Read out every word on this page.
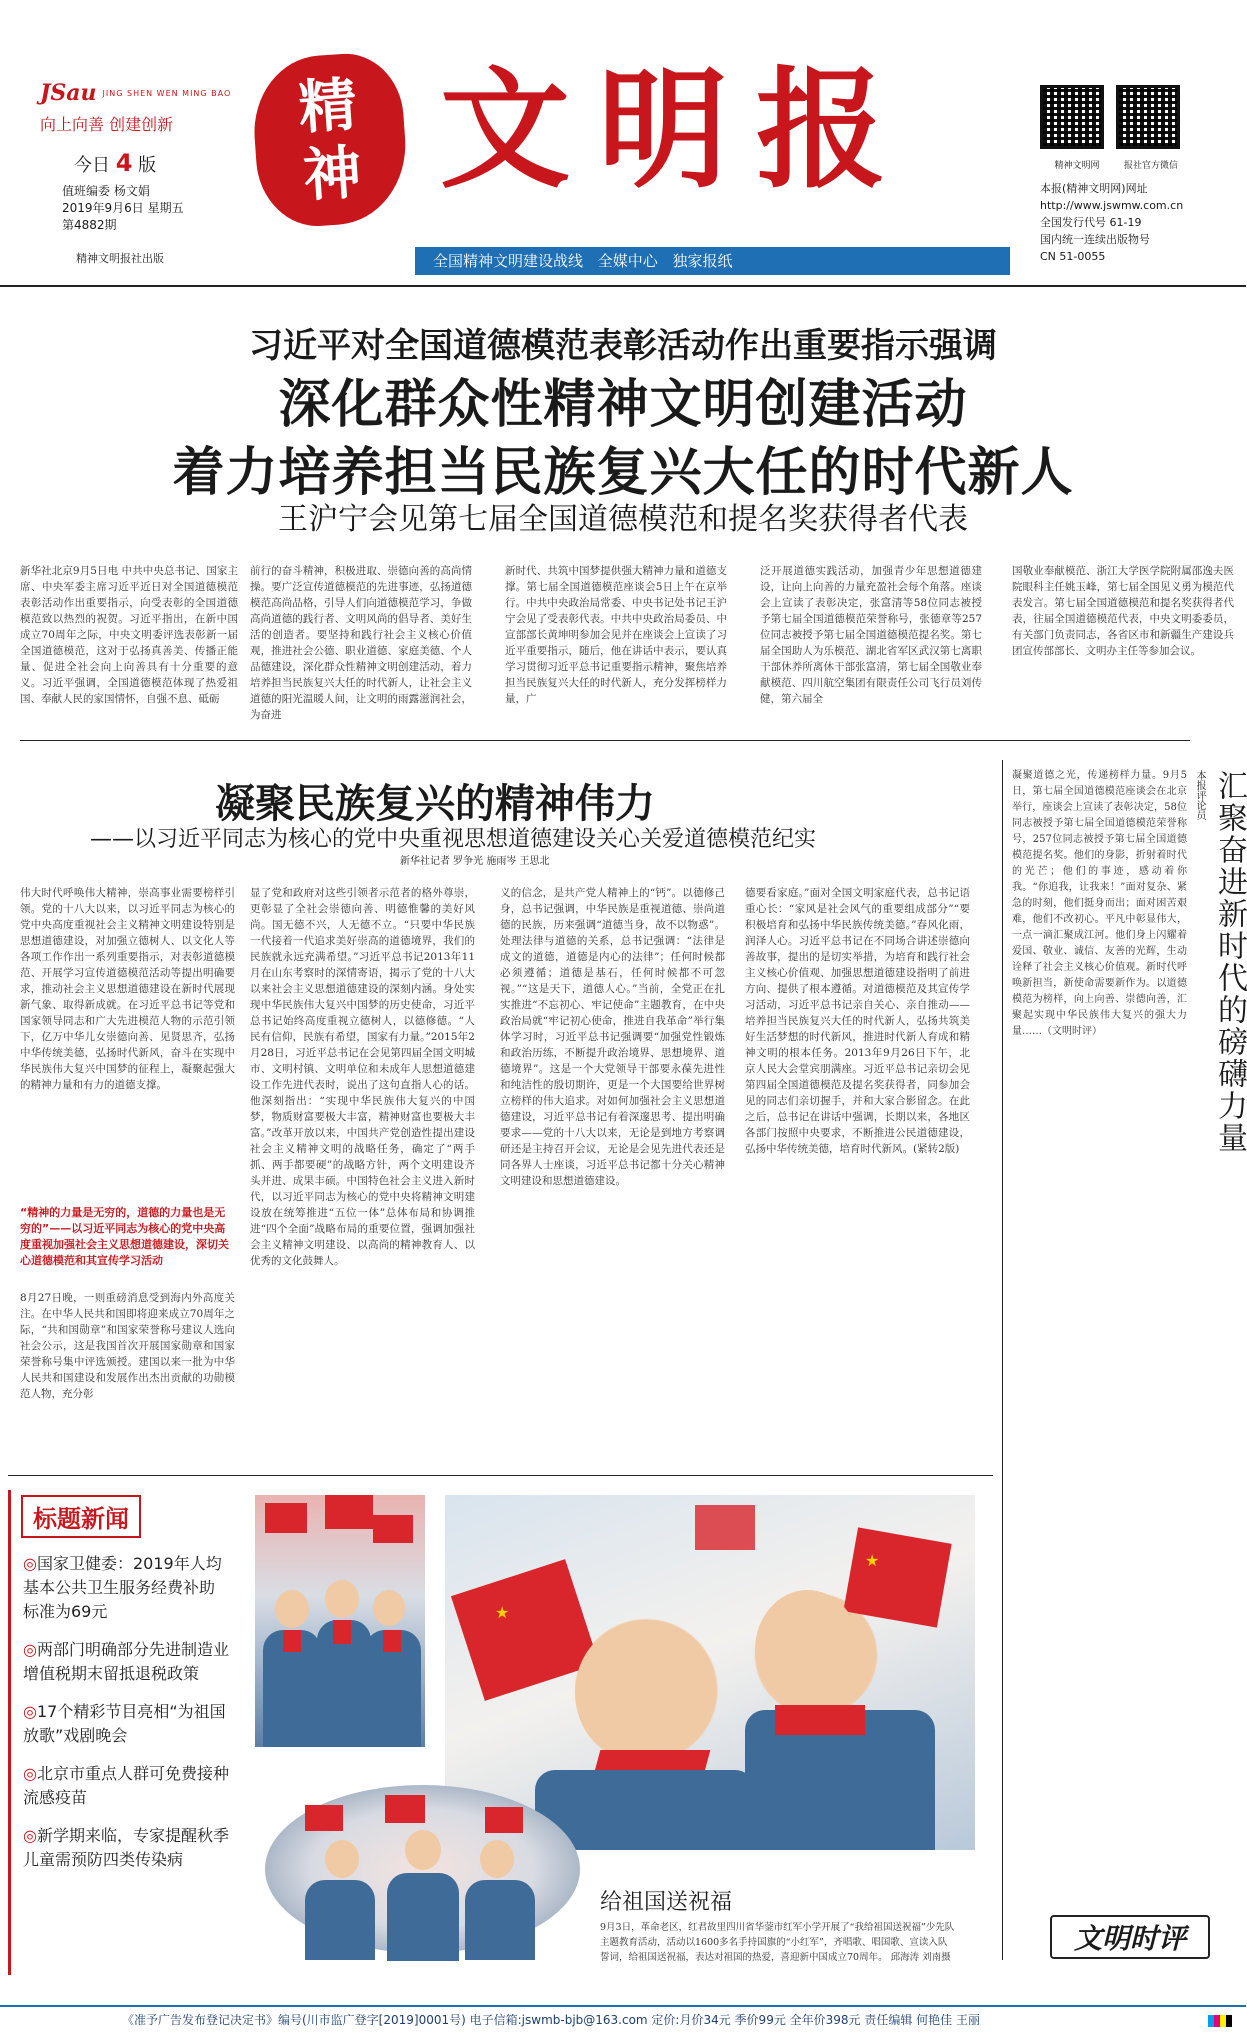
JSau JING SHEN WEN MING BAO
向上向善 创建创新
今日 4 版
值班编委 杨文娟
2019年9月6日 星期五
第4882期
精神文明报社出版
精
神 文明报
全国精神文明建设战线 全媒中心 独家报纸
精神文明网	报社官方微信
本报(精神文明网)网址
http://www.jswmw.com.cn
全国发行代号 61-19
国内统一连续出版物号
CN 51-0055
习近平对全国道德模范表彰活动作出重要指示强调
深化群众性精神文明创建活动
着力培养担当民族复兴大任的时代新人
王沪宁会见第七届全国道德模范和提名奖获得者代表
新华社北京9月5日电 中共中央总书记、国家主席、中央军委主席习近平近日对全国道德模范表彰活动作出重要指示，向受表彰的全国道德模范致以热烈的祝贺。习近平指出，在新中国成立70周年之际，中央文明委评选表彰新一届全国道德模范，这对于弘扬真善美、传播正能量、促进全社会向上向善具有十分重要的意义。习近平强调，全国道德模范体现了热爱祖国、奉献人民的家国情怀，自强不息、砥砺
前行的奋斗精神，积极进取、崇德向善的高尚情操。要广泛宣传道德模范的先进事迹，弘扬道德模范高尚品格，引导人们向道德模范学习，争做高尚道德的践行者、文明风尚的倡导者、美好生活的创造者。要坚持和践行社会主义核心价值观，推进社会公德、职业道德、家庭美德、个人品德建设，深化群众性精神文明创建活动，着力培养担当民族复兴大任的时代新人，让社会主义道德的阳光温暖人间，让文明的雨露滋润社会，为奋进
新时代、共筑中国梦提供强大精神力量和道德支撑。第七届全国道德模范座谈会5日上午在京举行。中共中央政治局常委、中央书记处书记王沪宁会见了受表彰代表。中共中央政治局委员、中宣部部长黄坤明参加会见并在座谈会上宣读了习近平重要指示，随后，他在讲话中表示，要认真学习贯彻习近平总书记重要指示精神，聚焦培养担当民族复兴大任的时代新人，充分发挥榜样力量，广
泛开展道德实践活动，加强青少年思想道德建设，让向上向善的力量充盈社会每个角落。座谈会上宣读了表彰决定，张富清等58位同志被授予第七届全国道德模范荣誉称号，张德章等257位同志被授予第七届全国道德模范提名奖。第七届全国助人为乐模范、湖北省军区武汉第七离职干部休养所离休干部张富清，第七届全国敬业奉献模范、四川航空集团有限责任公司飞行员刘传健，第六届全
国敬业奉献模范、浙江大学医学院附属邵逸夫医院眼科主任姚玉峰，第七届全国见义勇为模范代表发言。第七届全国道德模范和提名奖获得者代表，往届全国道德模范代表，中央文明委委员，有关部门负责同志，各省区市和新疆生产建设兵团宣传部部长、文明办主任等参加会议。
凝聚民族复兴的精神伟力
——以习近平同志为核心的党中央重视思想道德建设关心关爱道德模范纪实
新华社记者 罗争光 施雨岑 王思北
伟大时代呼唤伟大精神，崇高事业需要榜样引领。党的十八大以来，以习近平同志为核心的党中央高度重视社会主义精神文明建设特别是思想道德建设，对加强立德树人、以文化人等各项工作作出一系列重要指示，对表彰道德模范、开展学习宣传道德模范活动等提出明确要求，推动社会主义思想道德建设在新时代展现新气象、取得新成就。在习近平总书记等党和国家领导同志和广大先进模范人物的示范引领下，亿万中华儿女崇德向善、见贤思齐，弘扬中华传统美德，弘扬时代新风，奋斗在实现中华民族伟大复兴中国梦的征程上，凝聚起强大的精神力量和有力的道德支撑。
“精神的力量是无穷的，道德的力量也是无穷的”——以习近平同志为核心的党中央高度重视加强社会主义思想道德建设，深切关心道德模范和其宣传学习活动
8月27日晚，一则重磅消息受到海内外高度关注。在中华人民共和国即将迎来成立70周年之际，“共和国勋章”和国家荣誉称号建议人选向社会公示，这是我国首次开展国家勋章和国家荣誉称号集中评选颁授。建国以来一批为中华人民共和国建设和发展作出杰出贡献的功勋模范人物，充分彰
显了党和政府对这些引领者示范者的格外尊崇，更彰显了全社会崇德向善、明德惟馨的美好风尚。国无德不兴，人无德不立。“只要中华民族一代接着一代追求美好崇高的道德境界，我们的民族就永远充满希望。”习近平总书记2013年11月在山东考察时的深情寄语，揭示了党的十八大以来社会主义思想道德建设的深刻内涵。身处实现中华民族伟大复兴中国梦的历史使命，习近平总书记始终高度重视立德树人，以德修德。“人民有信仰，民族有希望，国家有力量。”2015年2月28日，习近平总书记在会见第四届全国文明城市、文明村镇、文明单位和未成年人思想道德建设工作先进代表时，说出了这句直指人心的话。他深刻指出：“实现中华民族伟大复兴的中国梦，物质财富要极大丰富，精神财富也要极大丰富。”改革开放以来，中国共产党创造性提出建设社会主义精神文明的战略任务，确定了“两手抓、两手都要硬”的战略方针，两个文明建设齐头并进、成果丰硕。中国特色社会主义进入新时代，以习近平同志为核心的党中央将精神文明建设放在统筹推进“五位一体”总体布局和协调推进“四个全面”战略布局的重要位置，强调加强社会主义精神文明建设、以高尚的精神教育人、以优秀的文化鼓舞人。
义的信念，是共产党人精神上的“钙”。以德修己身，总书记强调，中华民族是重视道德、崇尚道德的民族，历来强调“道德当身，故不以物惑”。处理法律与道德的关系，总书记强调：“法律是成文的道德，道德是内心的法律”；任何时候都必须遵循；道德是基石，任何时候都不可忽视。”“这是天下，道德人心。”当前，全党正在扎实推进“不忘初心、牢记使命”主题教育，在中央政治局就“牢记初心使命，推进自我革命”举行集体学习时，习近平总书记强调要“加强党性锻炼和政治历练，不断提升政治境界、思想境界、道德境界”。这是一个大党领导干部要永葆先进性和纯洁性的殷切期许，更是一个大国要给世界树立榜样的伟大追求。对如何加强社会主义思想道德建设，习近平总书记有着深邃思考、提出明确要求——党的十八大以来，无论是到地方考察调研还是主持召开会议，无论是会见先进代表还是同各界人士座谈，习近平总书记都十分关心精神文明建设和思想道德建设。
德要看家庭。”面对全国文明家庭代表，总书记语重心长：“家风是社会风气的重要组成部分”“要积极培育和弘扬中华民族传统美德。”春风化雨，润泽人心。习近平总书记在不同场合讲述崇德向善故事，提出的是切实举措，为培育和践行社会主义核心价值观、加强思想道德建设指明了前进方向、提供了根本遵循。对道德模范及其宣传学习活动，习近平总书记亲自关心、亲自推动——培养担当民族复兴大任的时代新人，弘扬共筑美好生活梦想的时代新风，推进时代新人育成和精神文明的根本任务。2013年9月26日下午，北京人民大会堂宾朋满座。习近平总书记亲切会见第四届全国道德模范及提名奖获得者，同参加会见的同志们亲切握手，并和大家合影留念。在此之后，总书记在讲话中强调，长期以来，各地区各部门按照中央要求，不断推进公民道德建设，弘扬中华传统美德，培育时代新风。(紧转2版)	汇聚奋进新时代的磅礴力量
本报评论员
凝聚道德之光，传递榜样力量。9月5日，第七届全国道德模范座谈会在北京举行，座谈会上宣读了表彰决定，58位同志被授予第七届全国道德模范荣誉称号，257位同志被授予第七届全国道德模范提名奖。他们的身影，折射着时代的光芒；他们的事迹，感动着你我。“你追我，让我来！”面对复杂、紧急的时刻，他们挺身而出；面对困苦艰难，他们不改初心。平凡中彰显伟大，一点一滴汇聚成江河。他们身上闪耀着爱国、敬业、诚信、友善的光辉，生动诠释了社会主义核心价值观。新时代呼唤新担当，新使命需要新作为。以道德模范为榜样，向上向善、崇德向善，汇聚起实现中华民族伟大复兴的强大力量……（文明时评）
文明时评
标题新闻
◎国家卫健委：2019年人均基本公共卫生服务经费补助标准为69元
◎两部门明确部分先进制造业增值税期末留抵退税政策
◎17个精彩节目亮相“为祖国放歌”戏剧晚会
◎北京市重点人群可免费接种流感疫苗
◎新学期来临，专家提醒秋季儿童需预防四类传染病
★
★
给祖国送祝福
9月3日，革命老区，红君故里四川省华蓥市红军小学开展了“我给祖国送祝福”少先队主题教育活动，活动以1600多名手持国旗的“小红军”，齐唱歌、唱国歌、宣读入队誓词，给祖国送祝福，表达对祖国的热爱，喜迎新中国成立70周年。 邱海涛 刘南摄
《准予广告发布登记决定书》编号(川市监广登字[2019]0001号) 电子信箱:jswmb-bjb@163.com 定价:月价34元 季价99元 全年价398元 责任编辑 何艳佳 王丽
